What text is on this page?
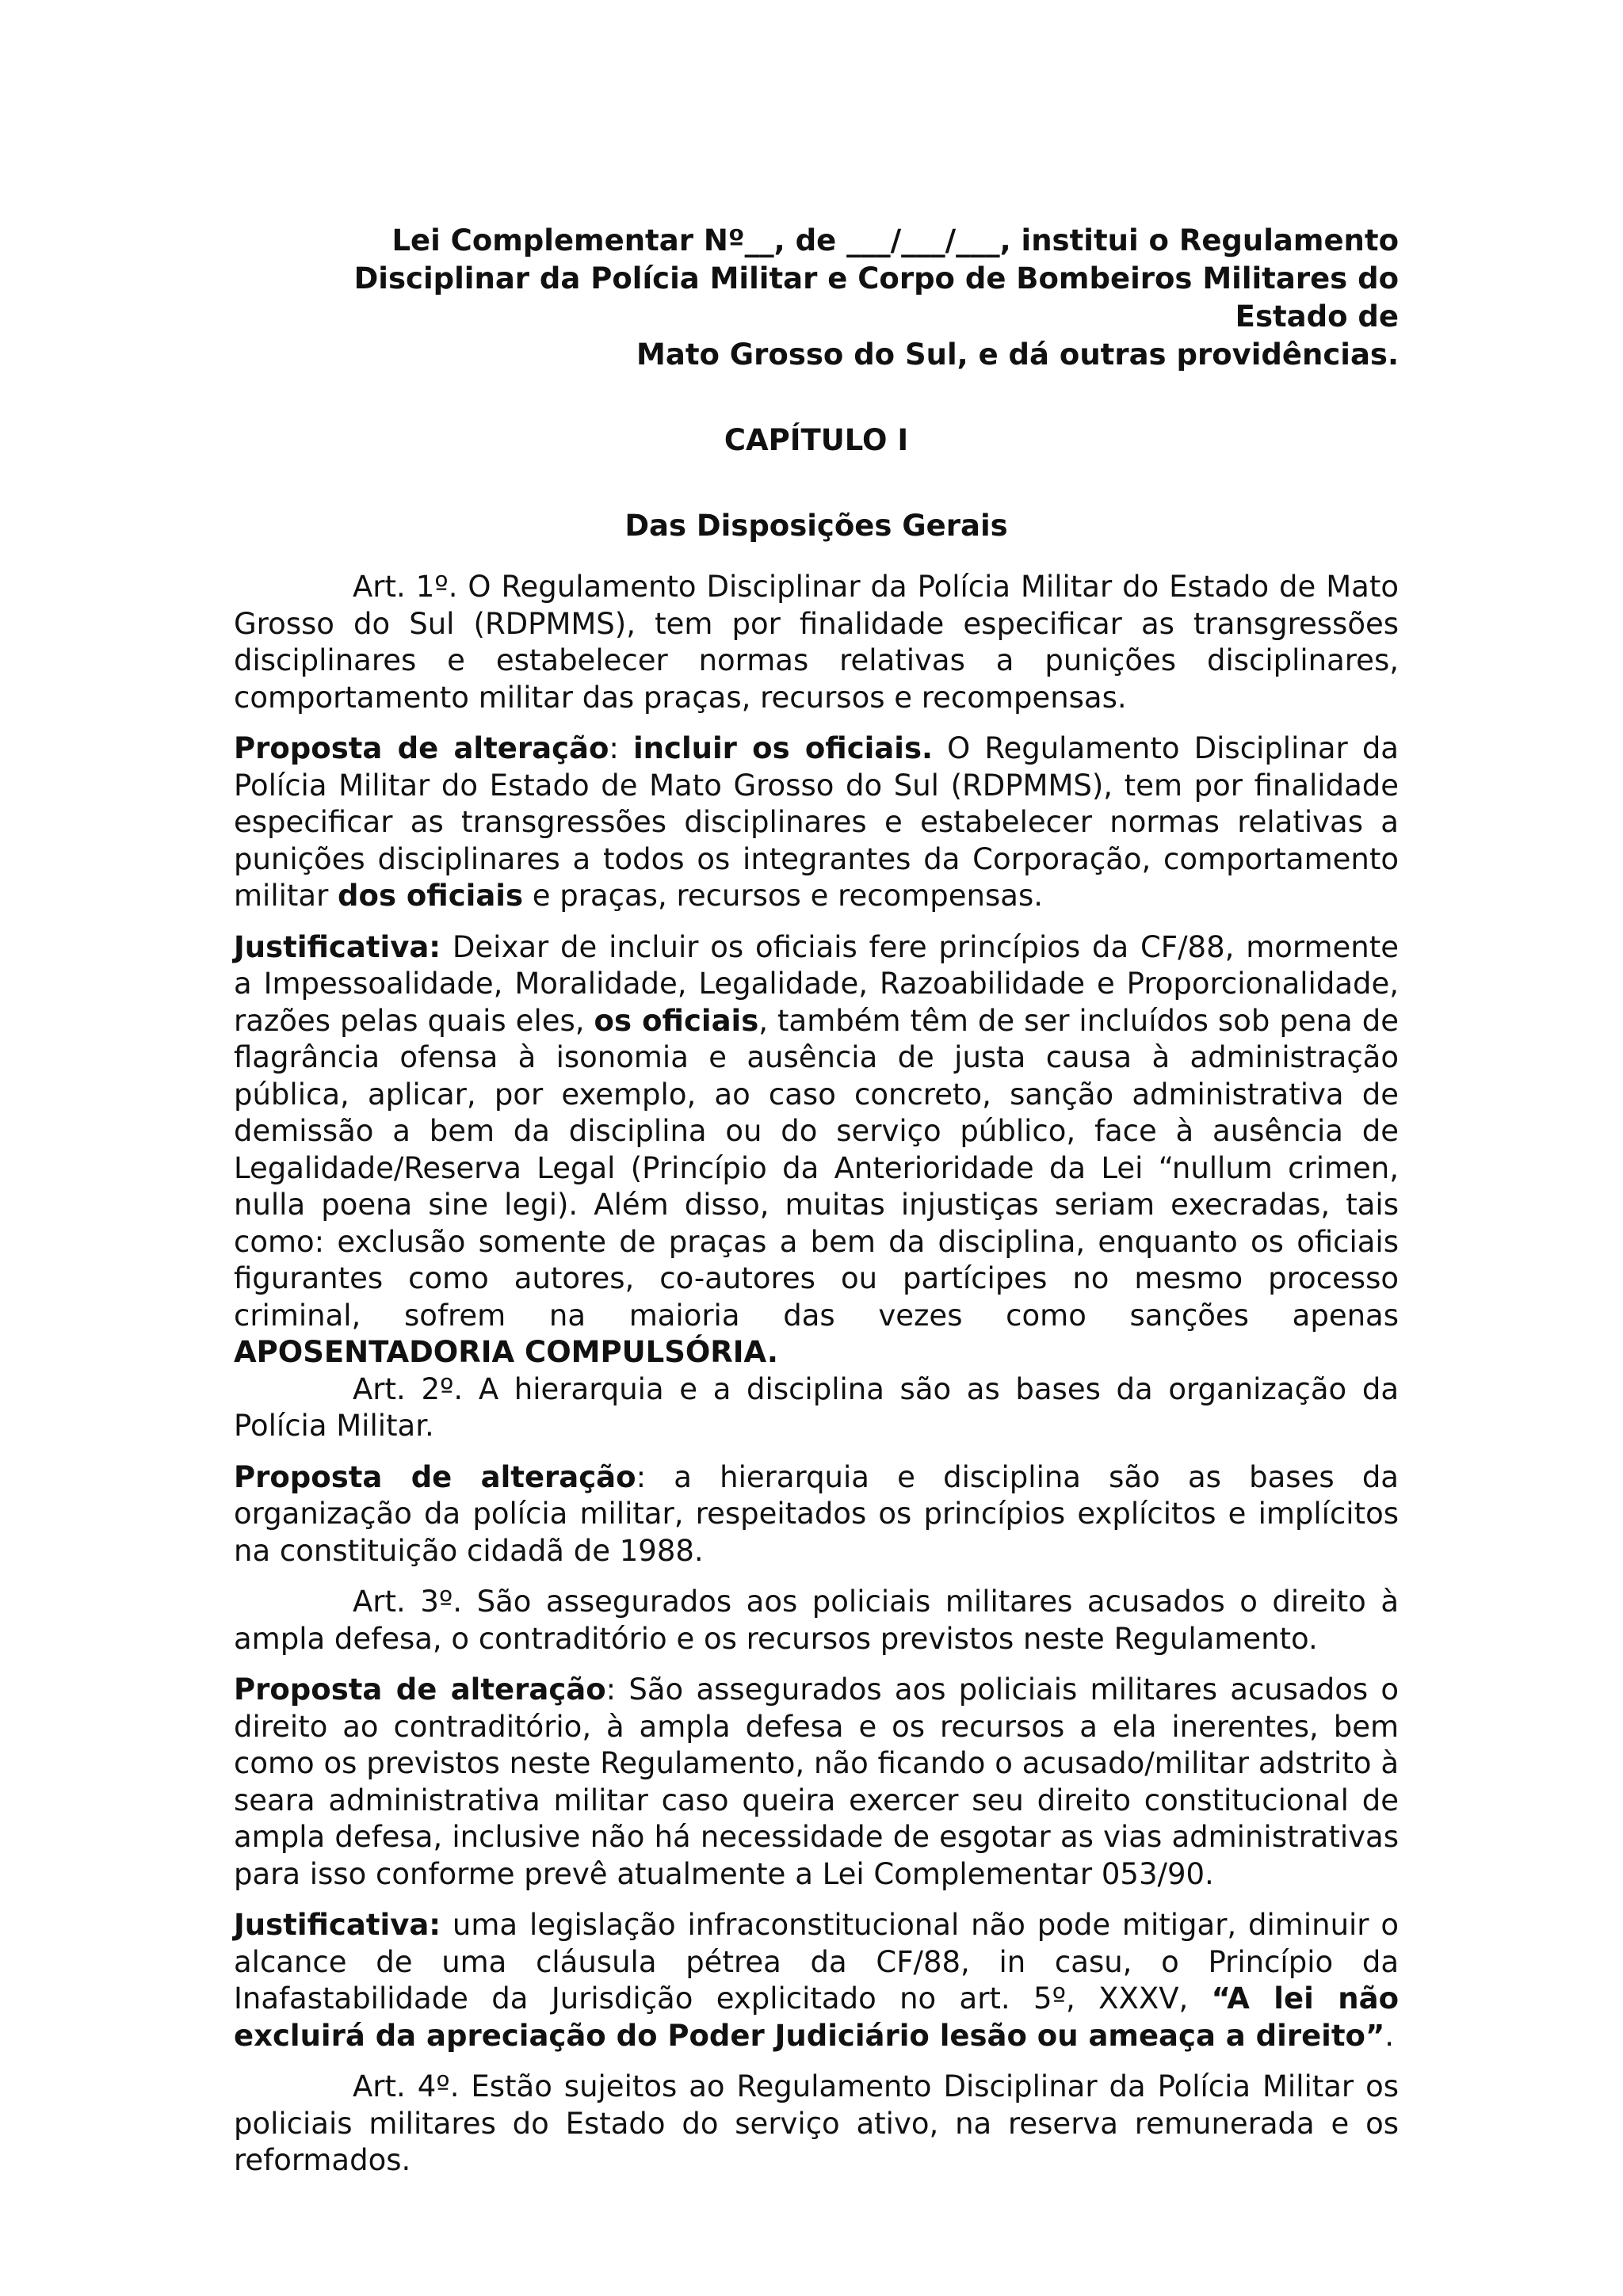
Lei Complementar Nº__, de ___/___/___, institui o Regulamento

Disciplinar da Polícia Militar e Corpo de Bombeiros Militares do Estado de

Mato Grosso do Sul, e dá outras providências.

CAPÍTULO I

Das Disposições Gerais

Art. 1º. O Regulamento Disciplinar da Polícia Militar do Estado de Mato Grosso do Sul (RDPMMS), tem por finalidade especificar as transgressões disciplinares e estabelecer normas relativas a punições disciplinares, comportamento militar das praças, recursos e recompensas.

Proposta de alteração: incluir os oficiais. O Regulamento Disciplinar da Polícia Militar do Estado de Mato Grosso do Sul (RDPMMS), tem por finalidade especificar as transgressões disciplinares e estabelecer normas relativas a punições disciplinares a todos os integrantes da Corporação, comportamento militar dos oficiais e praças, recursos e recompensas.

Justificativa: Deixar de incluir os oficiais fere princípios da CF/88, mormente a Impessoalidade, Moralidade, Legalidade, Razoabilidade e Proporcionalidade, razões pelas quais eles, os oficiais, também têm de ser incluídos sob pena de flagrância ofensa à isonomia e ausência de justa causa à administração pública, aplicar, por exemplo, ao caso concreto, sanção administrativa de demissão a bem da disciplina ou do serviço público, face à ausência de Legalidade/Reserva Legal (Princípio da Anterioridade da Lei “nullum crimen, nulla poena sine legi). Além disso, muitas injustiças seriam execradas, tais como: exclusão somente de praças a bem da disciplina, enquanto os oficiais figurantes como autores, co-autores ou partícipes no mesmo processo criminal, sofrem na maioria das vezes como sanções apenas APOSENTADORIA COMPULSÓRIA.

Art. 2º. A hierarquia e a disciplina são as bases da organização da Polícia Militar.

Proposta de alteração: a hierarquia e disciplina são as bases da organização da polícia militar, respeitados os princípios explícitos e implícitos na constituição cidadã de 1988.

Art. 3º. São assegurados aos policiais militares acusados o direito à ampla defesa, o contraditório e os recursos previstos neste Regulamento.

Proposta de alteração: São assegurados aos policiais militares acusados o direito ao contraditório, à ampla defesa e os recursos a ela inerentes, bem como os previstos neste Regulamento, não ficando o acusado/militar adstrito à seara administrativa militar caso queira exercer seu direito constitucional de ampla defesa, inclusive não há necessidade de esgotar as vias administrativas para isso conforme prevê atualmente a Lei Complementar 053/90.

Justificativa: uma legislação infraconstitucional não pode mitigar, diminuir o alcance de uma cláusula pétrea da CF/88, in casu, o Princípio da Inafastabilidade da Jurisdição explicitado no art. 5º, XXXV, “A lei não excluirá da apreciação do Poder Judiciário lesão ou ameaça a direito”.

Art. 4º. Estão sujeitos ao Regulamento Disciplinar da Polícia Militar os policiais militares do Estado do serviço ativo, na reserva remunerada e os reformados.
